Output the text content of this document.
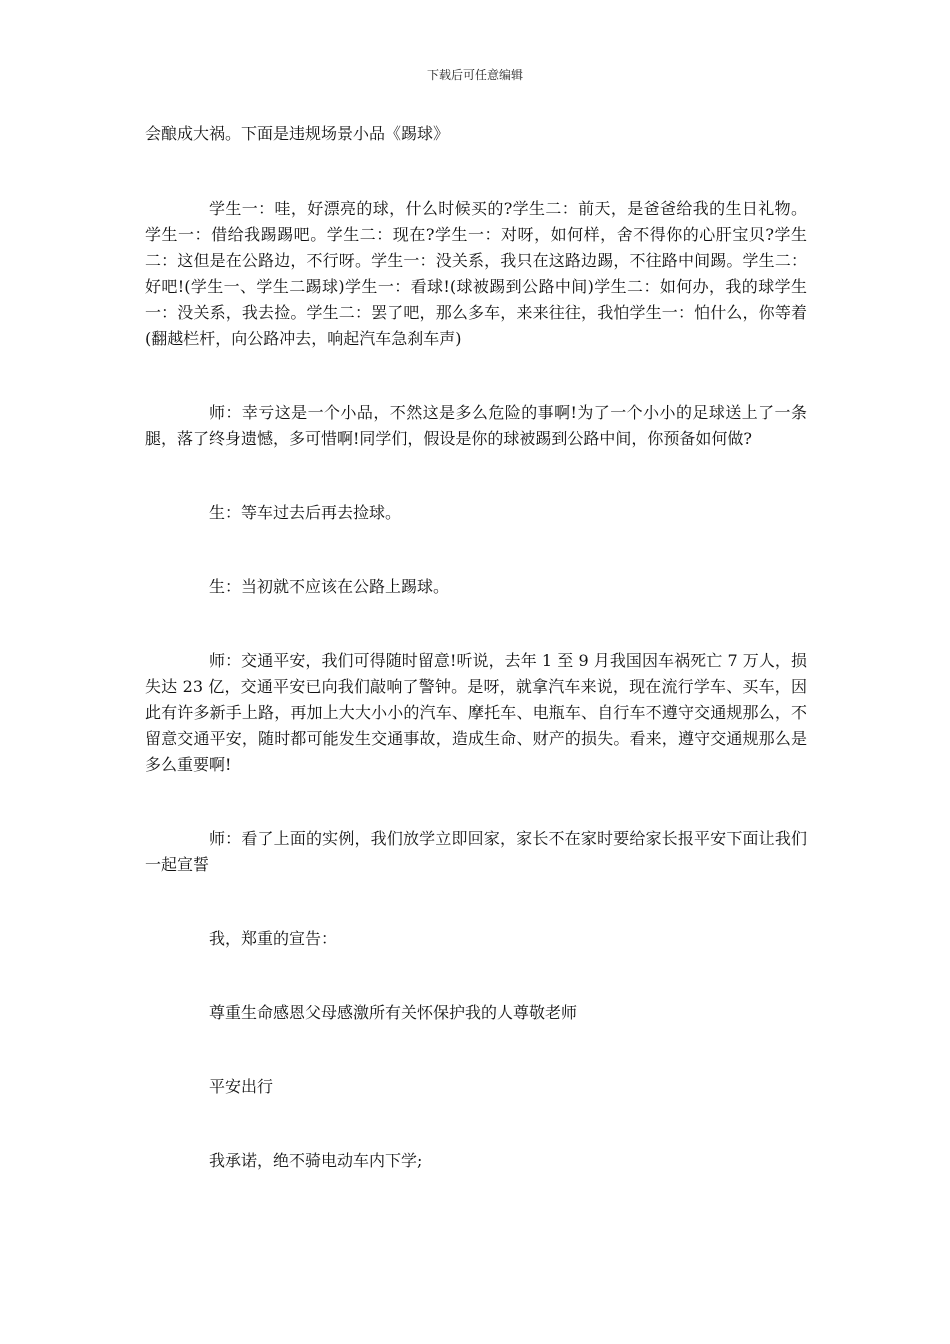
下载后可任意编辑

会酿成大祸。下面是违规场景小品《踢球》

学生一：哇，好漂亮的球，什么时候买的?学生二：前天，是爸爸给我的生日礼物。学生一：借给我踢踢吧。学生二：现在?学生一：对呀，如何样，舍不得你的心肝宝贝?学生二：这但是在公路边，不行呀。学生一：没关系，我只在这路边踢，不往路中间踢。学生二：好吧!(学生一、学生二踢球)学生一：看球!(球被踢到公路中间)学生二：如何办，我的球学生一：没关系，我去捡。学生二：罢了吧，那么多车，来来往往，我怕学生一：怕什么，你等着(翻越栏杆，向公路冲去，响起汽车急刹车声)

师：幸亏这是一个小品，不然这是多么危险的事啊!为了一个小小的足球送上了一条腿，落了终身遗憾，多可惜啊!同学们，假设是你的球被踢到公路中间，你预备如何做?

生：等车过去后再去捡球。

生：当初就不应该在公路上踢球。

师：交通平安，我们可得随时留意!听说，去年 1 至 9 月我国因车祸死亡 7 万人，损失达 23 亿，交通平安已向我们敲响了警钟。是呀，就拿汽车来说，现在流行学车、买车，因此有许多新手上路，再加上大大小小的汽车、摩托车、电瓶车、自行车不遵守交通规那么，不留意交通平安，随时都可能发生交通事故，造成生命、财产的损失。看来，遵守交通规那么是多么重要啊!

师：看了上面的实例，我们放学立即回家，家长不在家时要给家长报平安下面让我们一起宣誓

我，郑重的宣告：

尊重生命感恩父母感激所有关怀保护我的人尊敬老师

平安出行

我承诺，绝不骑电动车内下学;
